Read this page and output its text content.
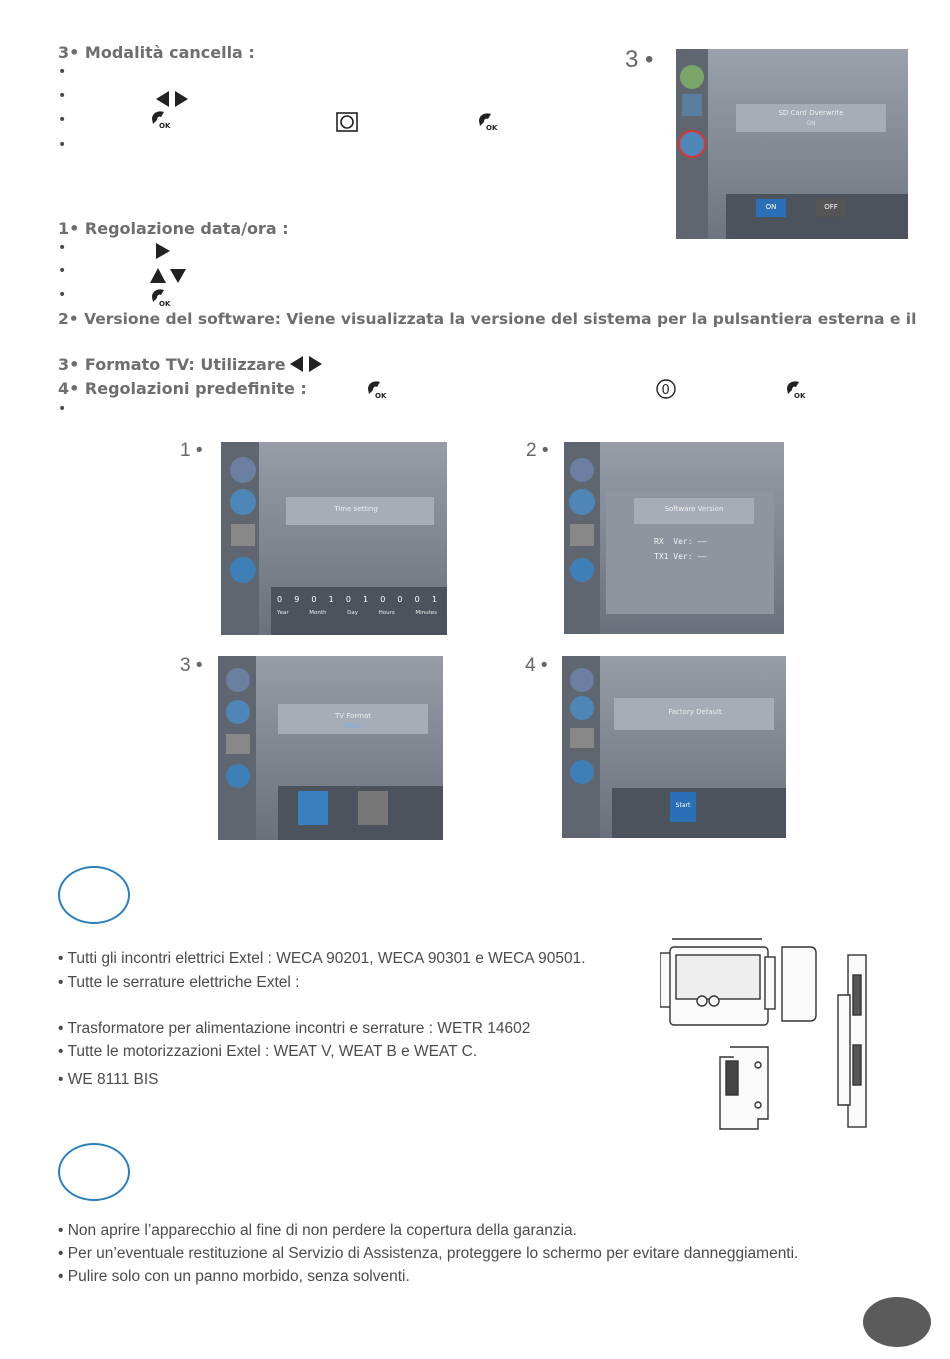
3• Modalità cancella :
•
•
•
•
OK	OK
3 •
SD Card Overwrite
ON
ON	OFF
1• Regolazione data/ora :
•
•
•
OK
2• Versione del software: Viene visualizzata la versione del sistema per la pulsantiera esterna e il
3• Formato TV: Utilizzare
4• Regolazioni predefinite :	OK	0	OK
•
1 •
Time setting
0 9 0 1 0 1 0 0 0 1
Year	Month	Day	Hours	Minutes
2 •
Software Version
RX  Ver: ——
TX1 Ver: ——
3 •
TV Format
NTSC
4 •
Factory Default
Start
• Tutti gli incontri elettrici Extel : WECA 90201, WECA 90301 e WECA 90501.
• Tutte le serrature elettriche Extel :
• Trasformatore per alimentazione incontri e serrature : WETR 14602
• Tutte le motorizzazioni Extel : WEAT V, WEAT B e WEAT C.
• WE 8111 BIS
• Non aprire l’apparecchio al fine di non perdere la copertura della garanzia.
• Per un’eventuale restituzione al Servizio di Assistenza, proteggere lo schermo per evitare danneggiamenti.
• Pulire solo con un panno morbido, senza solventi.
